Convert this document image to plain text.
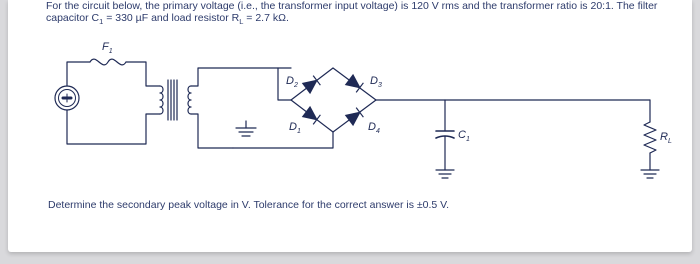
For the circuit below, the primary voltage (i.e., the transformer input voltage) is 120 V rms and the transformer ratio is 20:1. The filter
capacitor $C_1 = 330$ µF and load resistor $R_L = 2.7$ kΩ.
$F_1$
$D_2$	$D_3$
$D_1$	$D_4$	$C_1$	$R_L$
Determine the secondary peak voltage in V. Tolerance for the correct answer is ±0.5 V.
